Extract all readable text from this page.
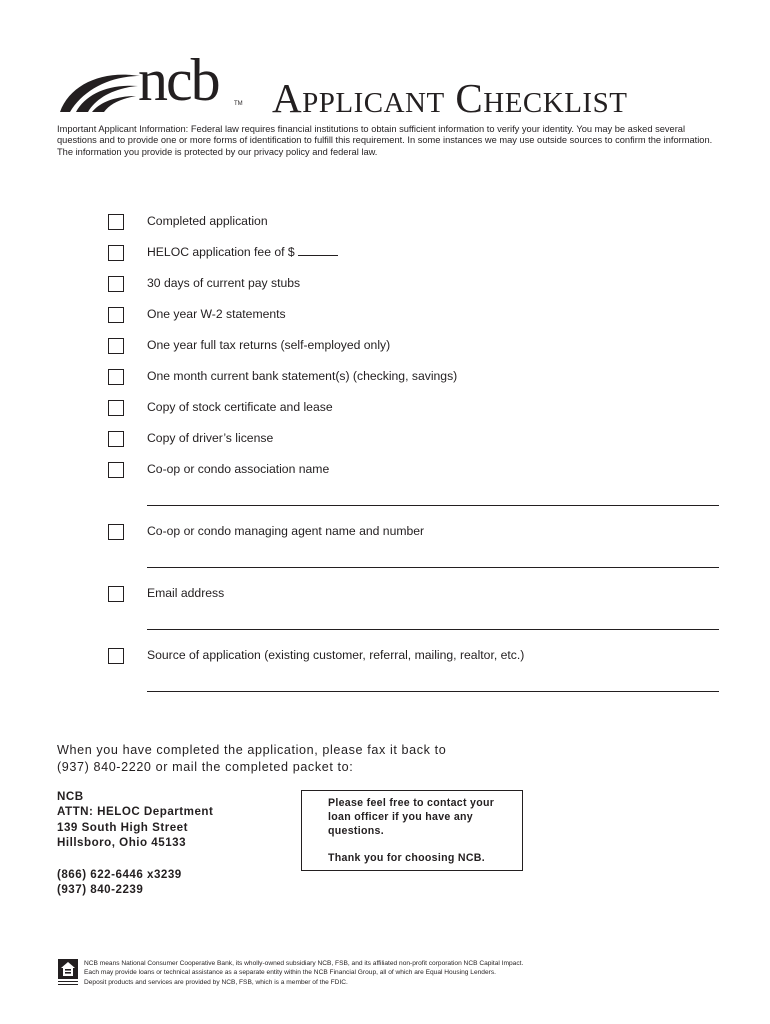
ncb	TM Applicant Checklist
Important Applicant Information: Federal law requires financial institutions to obtain sufficient information to verify your identity. You may be asked several questions and to provide one or more forms of identification to fulfill this requirement. In some instances we may use outside sources to confirm the information. The information you provide is protected by our privacy policy and federal law.
Completed application
HELOC application fee of $
30 days of current pay stubs
One year W-2 statements
One year full tax returns (self-employed only)
One month current bank statement(s) (checking, savings)
Copy of stock certificate and lease
Copy of driver’s license
Co-op or condo association name
Co-op or condo managing agent name and number
Email address
Source of application (existing customer, referral, mailing, realtor, etc.)
When you have completed the application, please fax it back to
(937) 840-2220 or mail the completed packet to:
NCB
ATTN: HELOC Department
139 South High Street
Hillsboro, Ohio 45133
(866) 622-6446 x3239
(937) 840-2239
Please feel free to contact your loan officer if you have any questions.
Thank you for choosing NCB.
NCB means National Consumer Cooperative Bank, its wholly-owned subsidiary NCB, FSB, and its affiliated non-profit corporation NCB Capital Impact.
Each may provide loans or technical assistance as a separate entity within the NCB Financial Group, all of which are Equal Housing Lenders.
Deposit products and services are provided by NCB, FSB, which is a member of the FDIC.
